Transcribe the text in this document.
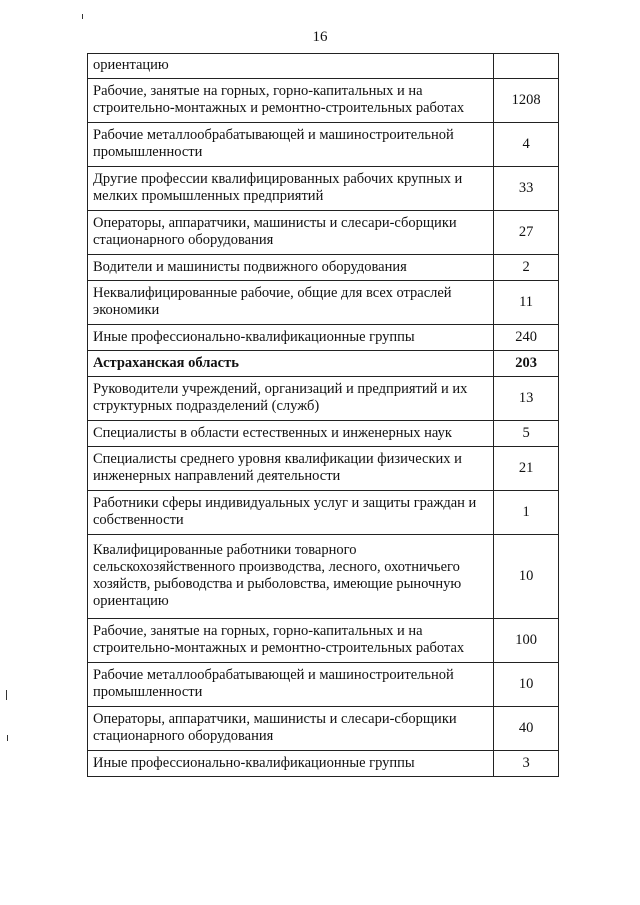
16
ориентацию	
Рабочие, занятые на горных, горно-капитальных и на строительно-монтажных и ремонтно-строительных работах	1208
Рабочие металлообрабатывающей и машиностроительной промышленности	4
Другие профессии квалифицированных рабочих крупных и мелких промышленных предприятий	33
Операторы, аппаратчики, машинисты и слесари-сборщики стационарного оборудования	27
Водители и машинисты подвижного оборудования	2
Неквалифицированные рабочие, общие для всех отраслей экономики	11
Иные профессионально-квалификационные группы	240
Астраханская область	203
Руководители учреждений, организаций и предприятий и их структурных подразделений (служб)	13
Специалисты в области естественных и инженерных наук	5
Специалисты среднего уровня квалификации физических и инженерных направлений деятельности	21
Работники сферы индивидуальных услуг и защиты граждан и собственности	1
Квалифицированные работники товарного сельскохозяйственного производства, лесного, охотничьего хозяйств, рыбоводства и рыболовства, имеющие рыночную ориентацию	10
Рабочие, занятые на горных, горно-капитальных и на строительно-монтажных и ремонтно-строительных работах	100
Рабочие металлообрабатывающей и машиностроительной промышленности	10
Операторы, аппаратчики, машинисты и слесари-сборщики стационарного оборудования	40
Иные профессионально-квалификационные группы	3
